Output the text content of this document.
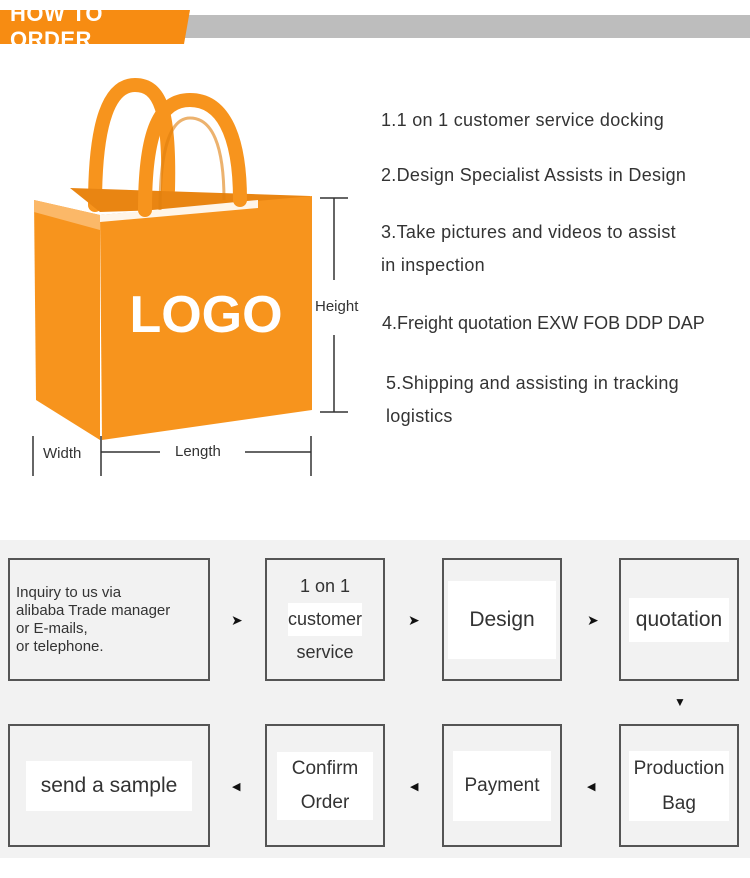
HOW TO ORDER
LOGO Height
Width	Length
1.1 on 1 customer service docking
2.Design Specialist Assists in Design
3.Take pictures and videos to assist
in inspection
4.Freight quotation EXW FOB DDP DAP
5.Shipping and assisting in tracking
logistics
Inquiry to us via
alibaba Trade manager
or E-mails,
or telephone.
➤
1 on 1
customer
service
➤ Design	➤ quotation
▼
send a sample	◀
Confirm
Order
◀ Payment	◀
Production
Bag
